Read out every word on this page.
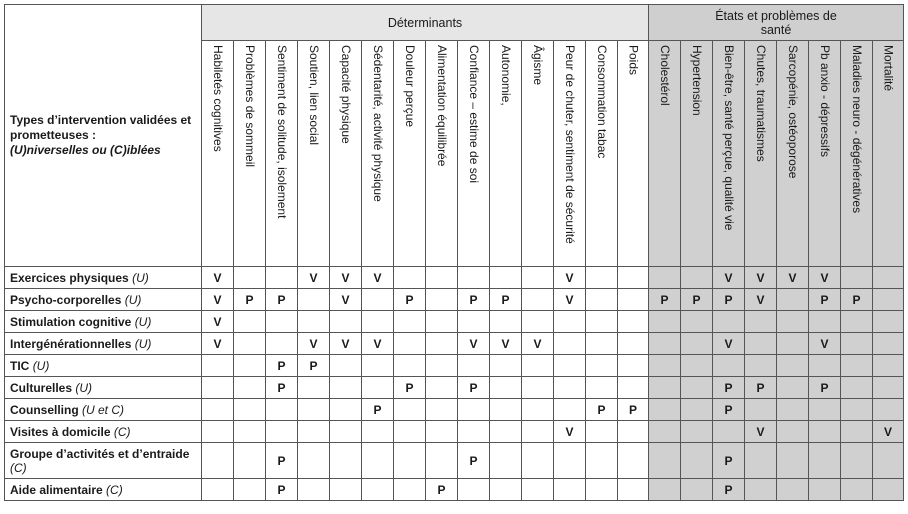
Types d’intervention validées et prometteuses :
(U)niverselles ou (C)iblées	Déterminants														États et problèmes de santé							

	Habiletés cognitives	Problèmes de sommeil	Sentiment de solitude, isolement	Soutien, lien social	Capacité physique	Sédentarité, activité physique	Douleur perçue	Alimentation équilibrée	Confiance – estime de soi	Autonomie,	Âgisme	Peur de chuter, sentiment de sécurité	Consommation tabac	Poids	Cholestérol	Hypertension	Bien-être, santé perçue, qualité vie	Chutes, traumatismes	Sarcopénie, ostéoporose	Pb anxio - dépressifs	Maladies neuro - dégénératives	Mortalité

Exercices physiques (U)	V			V	V	V						V					V	V	V	V		
Psycho-corporelles (U)	V	P	P		V		P		P	P		V			P	P	P	V		P	P	
Stimulation cognitive (U)	V																					
Intergénérationnelles (U)	V			V	V	V			V	V	V						V			V		
TIC (U)			P	P																		
Culturelles (U)			P				P		P								P	P		P		
Counselling (U et C)						P							P	P			P					
Visites à domicile (C)												V						V				V
Groupe d’activités et d’entraide (C)			P						P								P					
Aide alimentaire (C)			P					P									P					
